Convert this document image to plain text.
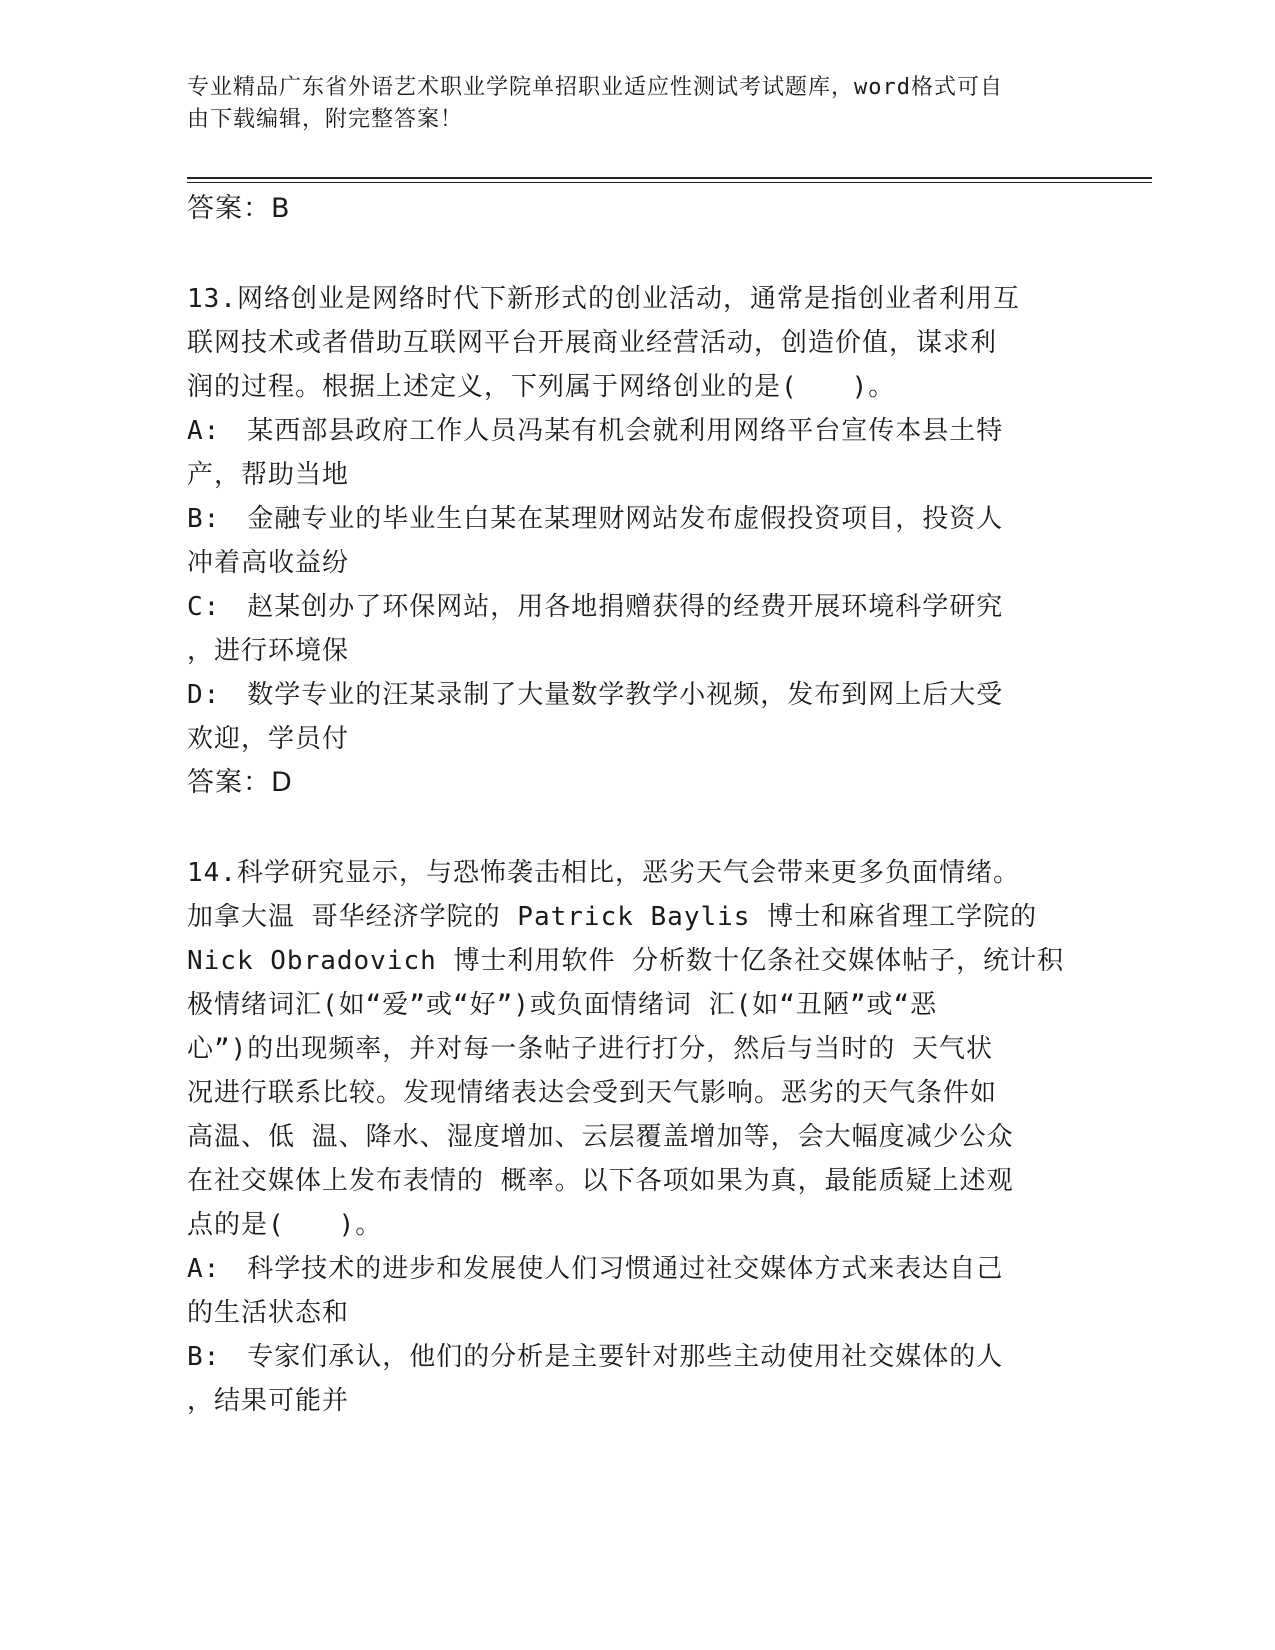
专业精品广东省外语艺术职业学院单招职业适应性测试考试题库，word格式可自
由下载编辑，附完整答案！
答案：B
13.网络创业是网络时代下新形式的创业活动，通常是指创业者利用互
联网技术或者借助互联网平台开展商业经营活动，创造价值，谋求利
润的过程。根据上述定义，下列属于网络创业的是(　　)。
A:　某西部县政府工作人员冯某有机会就利用网络平台宣传本县土特
产，帮助当地
B:　金融专业的毕业生白某在某理财网站发布虚假投资项目，投资人
冲着高收益纷
C:　赵某创办了环保网站，用各地捐赠获得的经费开展环境科学研究
，进行环境保
D:　数学专业的汪某录制了大量数学教学小视频，发布到网上后大受
欢迎，学员付
答案：D
14.科学研究显示，与恐怖袭击相比，恶劣天气会带来更多负面情绪。
加拿大温 哥华经济学院的 Patrick Baylis 博士和麻省理工学院的
Nick Obradovich 博士利用软件 分析数十亿条社交媒体帖子，统计积
极情绪词汇(如“爱”或“好”)或负面情绪词 汇(如“丑陋”或“恶
心”)的出现频率，并对每一条帖子进行打分，然后与当时的 天气状
况进行联系比较。发现情绪表达会受到天气影响。恶劣的天气条件如
高温、低 温、降水、湿度增加、云层覆盖增加等，会大幅度减少公众
在社交媒体上发布表情的 概率。以下各项如果为真，最能质疑上述观
点的是(　　)。
A:　科学技术的进步和发展使人们习惯通过社交媒体方式来表达自己
的生活状态和
B:　专家们承认，他们的分析是主要针对那些主动使用社交媒体的人
，结果可能并
